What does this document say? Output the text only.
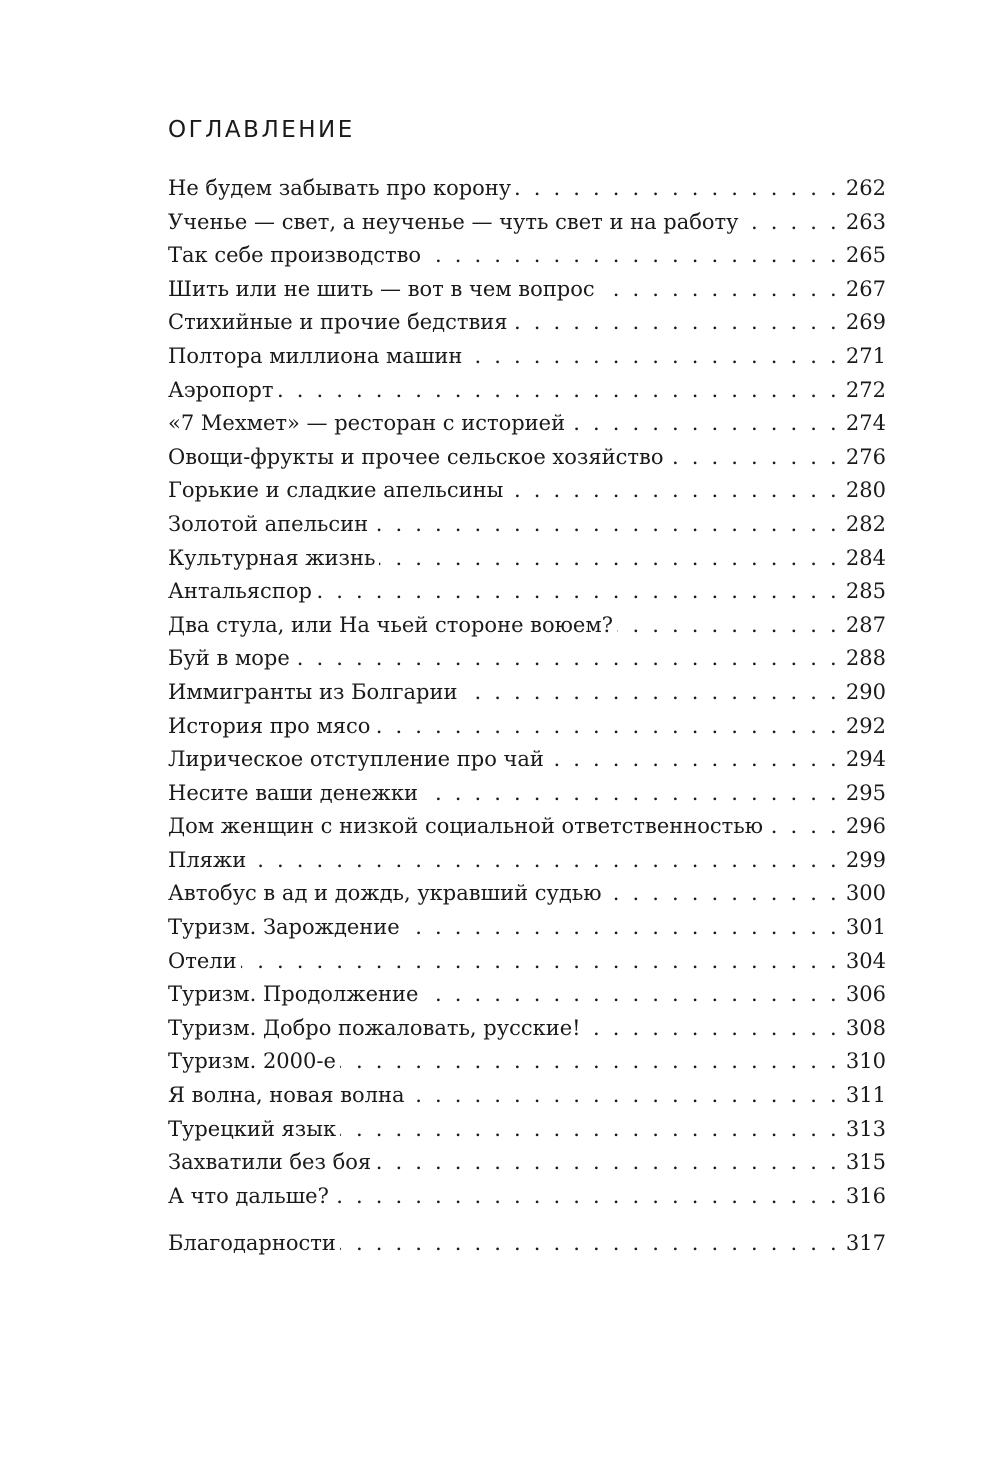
ОГЛАВЛЕНИЕ
Не будем забывать про корону . . .	262
Ученье — свет, а неученье — чуть свет и на работу . . .	263
Так себе производство . . .	265
Шить или не шить — вот в чем вопрос . . .	267
Стихийные и прочие бедствия . . .	269
Полтора миллиона машин . . .	271
Аэропорт . . .	272
«7 Мехмет» — ресторан с историей . . .	274
Овощи-фрукты и прочее сельское хозяйство . . .	276
Горькие и сладкие апельсины . . .	280
Золотой апельсин . . .	282
Культурная жизнь . . .	284
Антальяспор . . .	285
Два стула, или На чьей стороне воюем? . . .	287
Буй в море . . .	288
Иммигранты из Болгарии . . .	290
История про мясо . . .	292
Лирическое отступление про чай . . .	294
Несите ваши денежки . . .	295
Дом женщин с низкой социальной ответственностью . . .	296
Пляжи . . .	299
Автобус в ад и дождь, укравший судью . . .	300
Туризм. Зарождение . . .	301
Отели . . .	304
Туризм. Продолжение . . .	306
Туризм. Добро пожаловать, русские! . . .	308
Туризм. 2000-е . . .	310
Я волна, новая волна . . .	311
Турецкий язык . . .	313
Захватили без боя . . .	315
А что дальше? . . .	316
Благодарности . . .	317
